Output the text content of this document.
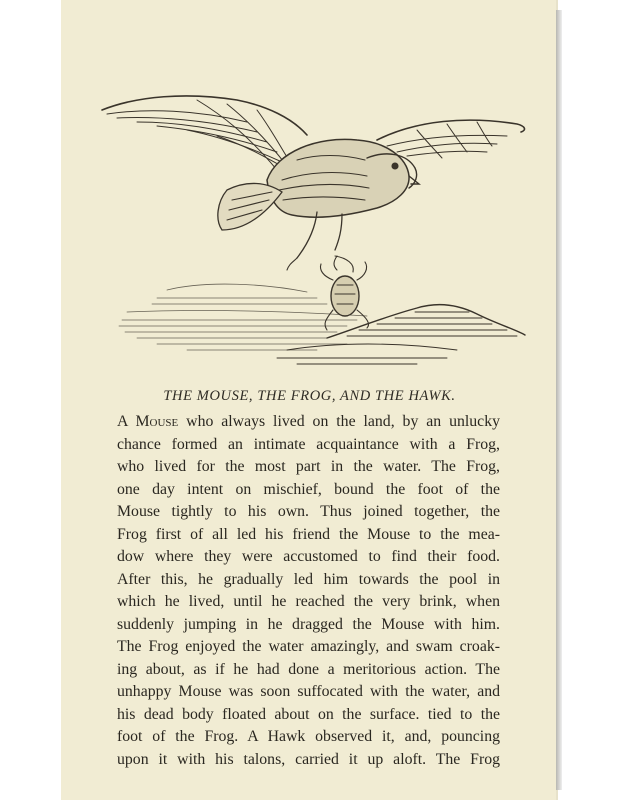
THE MOUSE, THE FROG, AND THE HAWK.
A Mouse who always lived on the land, by an unlucky
chance formed an intimate acquaintance with a Frog,
who lived for the most part in the water. The Frog,
one day intent on mischief, bound the foot of the
Mouse tightly to his own. Thus joined together, the
Frog first of all led his friend the Mouse to the mea-
dow where they were accustomed to find their food.
After this, he gradually led him towards the pool in
which he lived, until he reached the very brink, when
suddenly jumping in he dragged the Mouse with him.
The Frog enjoyed the water amazingly, and swam croak-
ing about, as if he had done a meritorious action. The
unhappy Mouse was soon suffocated with the water, and
his dead body floated about on the surface. tied to the
foot of the Frog. A Hawk observed it, and, pouncing
upon it with his talons, carried it up aloft. The Frog
